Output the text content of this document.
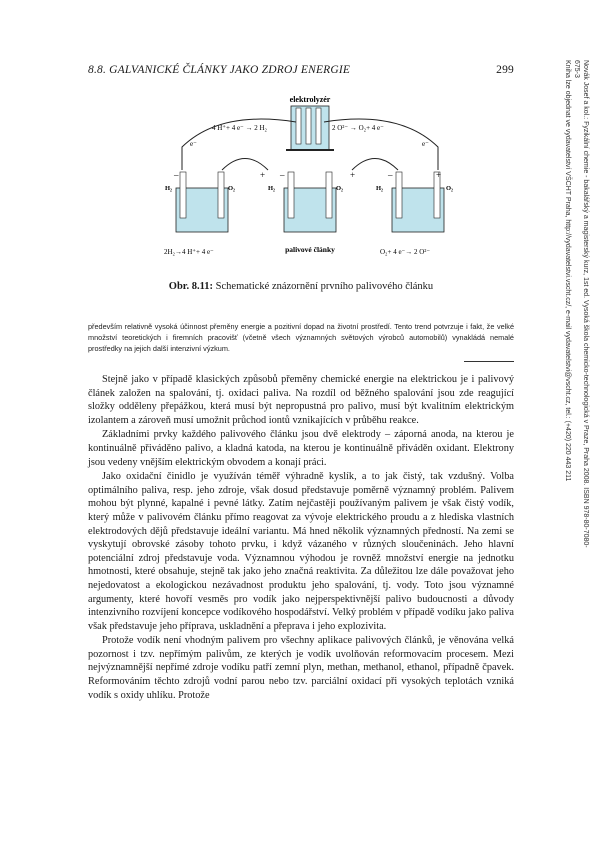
8.8. GALVANICKÉ ČLÁNKY JAKO ZDROJ ENERGIE	299	Novák Josef a kol.: Fyzikální chemie - bakalářský a magisterský kurz, 1st ed. Vysoká škola chemicko-technologická v Praze, Praha 2008. ISBN 978-80-7080-675-3
Kniha lze objednat ve vydavatelství VŠCHT Praha, http://vydavatelstvi.vscht.cz/, e-mail vydavatelstvi@vscht.cz, tel.: (+420) 220 443 211
elektrolyzér
4 H⁺+ 4 e⁻ → 2 H₂	2 O²⁻ → O₂+ 4 e⁻
e⁻	e⁻
H₂	O₂
–
H₂	O₂
+ –
H₂	O₂
+	–	+
2H₂→4 H⁺+ 4 e⁻	palivové články	O₂+ 4 e⁻→ 2 O²⁻
Obr. 8.11: Schematické znázornění prvního palivového článku
především relativně vysoká účinnost přeměny energie a pozitivní dopad na životní prostředí. Tento trend potvrzuje i fakt, že velké množství teoretických i firemních pracovišť (včetně všech významných světových výrobců automobilů) vynakládá nemalé prostředky na jejich další intenzivní výzkum.

Stejně jako v případě klasických způsobů přeměny chemické energie na elektrickou je i palivový článek založen na spalování, tj. oxidaci paliva. Na rozdíl od běžného spalování jsou zde reagující složky odděleny přepážkou, která musí být nepropustná pro palivo, musí být kvalitním elektrickým izolantem a zároveň musí umožnit průchod iontů vznikajících v průběhu reakce.

Základními prvky každého palivového článku jsou dvě elektrody – záporná anoda, na kterou je kontinuálně přiváděno palivo, a kladná katoda, na kterou je kontinuálně přiváděn oxidant. Elektrony jsou vedeny vnějším elektrickým obvodem a konají práci.

Jako oxidační činidlo je využíván téměř výhradně kyslík, a to jak čistý, tak vzdušný. Volba optimálního paliva, resp. jeho zdroje, však dosud představuje poměrně významný problém. Palivem mohou být plynné, kapalné i pevné látky. Zatím nejčastěji používaným palivem je však čistý vodík, který může v palivovém článku přímo reagovat za vývoje elektrického proudu a z hlediska vlastních elektrodových dějů představuje ideální variantu. Má hned několik významných předností. Na zemi se vyskytují obrovské zásoby tohoto prvku, i když vázaného v různých sloučeninách. Jeho hlavní potenciální zdroj představuje voda. Významnou výhodou je rovněž množství energie na jednotku hmotnosti, které obsahuje, stejně tak jako jeho značná reaktivita. Za důležitou lze dále považovat jeho nejedovatost a ekologickou nezávadnost produktu jeho spalování, tj. vody. Toto jsou významné argumenty, které hovoří vesměs pro vodík jako nejperspektivnější palivo budoucnosti a důvody intenzivního rozvíjení koncepce vodíkového hospodářství. Velký problém v případě vodíku jako paliva však představuje jeho příprava, uskladnění a přeprava i jeho explozivita.

Protože vodík není vhodným palivem pro všechny aplikace palivových článků, je věnována velká pozornost i tzv. nepřímým palivům, ze kterých je vodík uvolňován reformovacím procesem. Mezi nejvýznamnější nepřímé zdroje vodíku patří zemní plyn, methan, methanol, ethanol, případně čpavek. Reformováním těchto zdrojů vodní parou nebo tzv. parciální oxidací při vysokých teplotách vzniká vodík s oxidy uhlíku. Protože
